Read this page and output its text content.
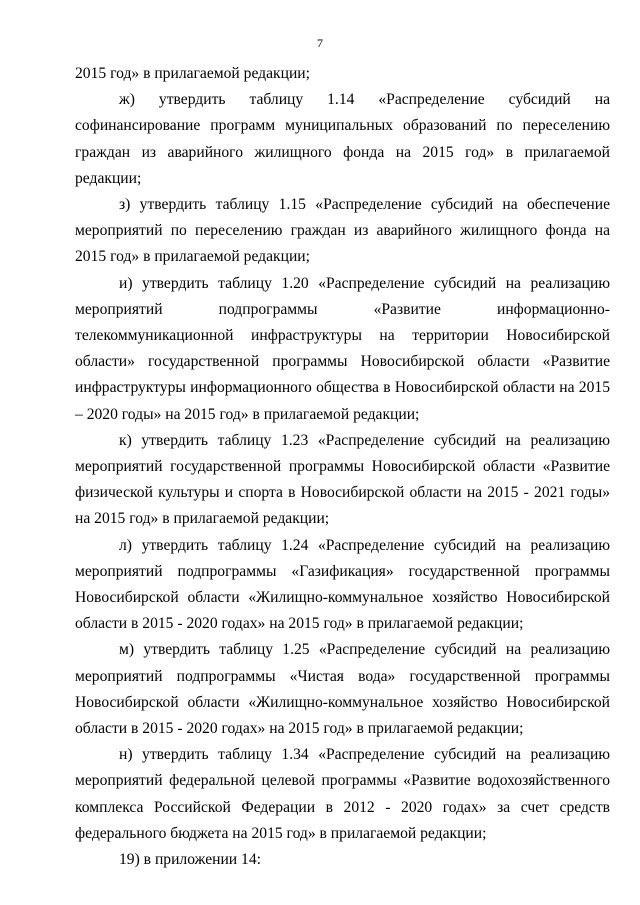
7

2015 год» в прилагаемой редакции;

ж) утвердить таблицу 1.14 «Распределение субсидий на софинансирование программ муниципальных образований по переселению граждан из аварийного жилищного фонда на 2015 год» в прилагаемой редакции;

з) утвердить таблицу 1.15 «Распределение субсидий на обеспечение мероприятий по переселению граждан из аварийного жилищного фонда на 2015 год» в прилагаемой редакции;

и) утвердить таблицу 1.20 «Распределение субсидий на реализацию мероприятий подпрограммы «Развитие информационно-телекоммуникационной инфраструктуры на территории Новосибирской области» государственной программы Новосибирской области «Развитие инфраструктуры информационного общества в Новосибирской области на 2015 – 2020 годы» на 2015 год» в прилагаемой редакции;

к) утвердить таблицу 1.23 «Распределение субсидий на реализацию мероприятий государственной программы Новосибирской области «Развитие физической культуры и спорта в Новосибирской области на 2015 - 2021 годы» на 2015 год» в прилагаемой редакции;

л) утвердить таблицу 1.24 «Распределение субсидий на реализацию мероприятий подпрограммы «Газификация» государственной программы Новосибирской области «Жилищно-коммунальное хозяйство Новосибирской области в 2015 - 2020 годах» на 2015 год» в прилагаемой редакции;

м) утвердить таблицу 1.25 «Распределение субсидий на реализацию мероприятий подпрограммы «Чистая вода» государственной программы Новосибирской области «Жилищно-коммунальное хозяйство Новосибирской области в 2015 - 2020 годах» на 2015 год» в прилагаемой редакции;

н) утвердить таблицу 1.34 «Распределение субсидий на реализацию мероприятий федеральной целевой программы «Развитие водохозяйственного комплекса Российской Федерации в 2012 - 2020 годах» за счет средств федерального бюджета на 2015 год» в прилагаемой редакции;

19) в приложении 14:
